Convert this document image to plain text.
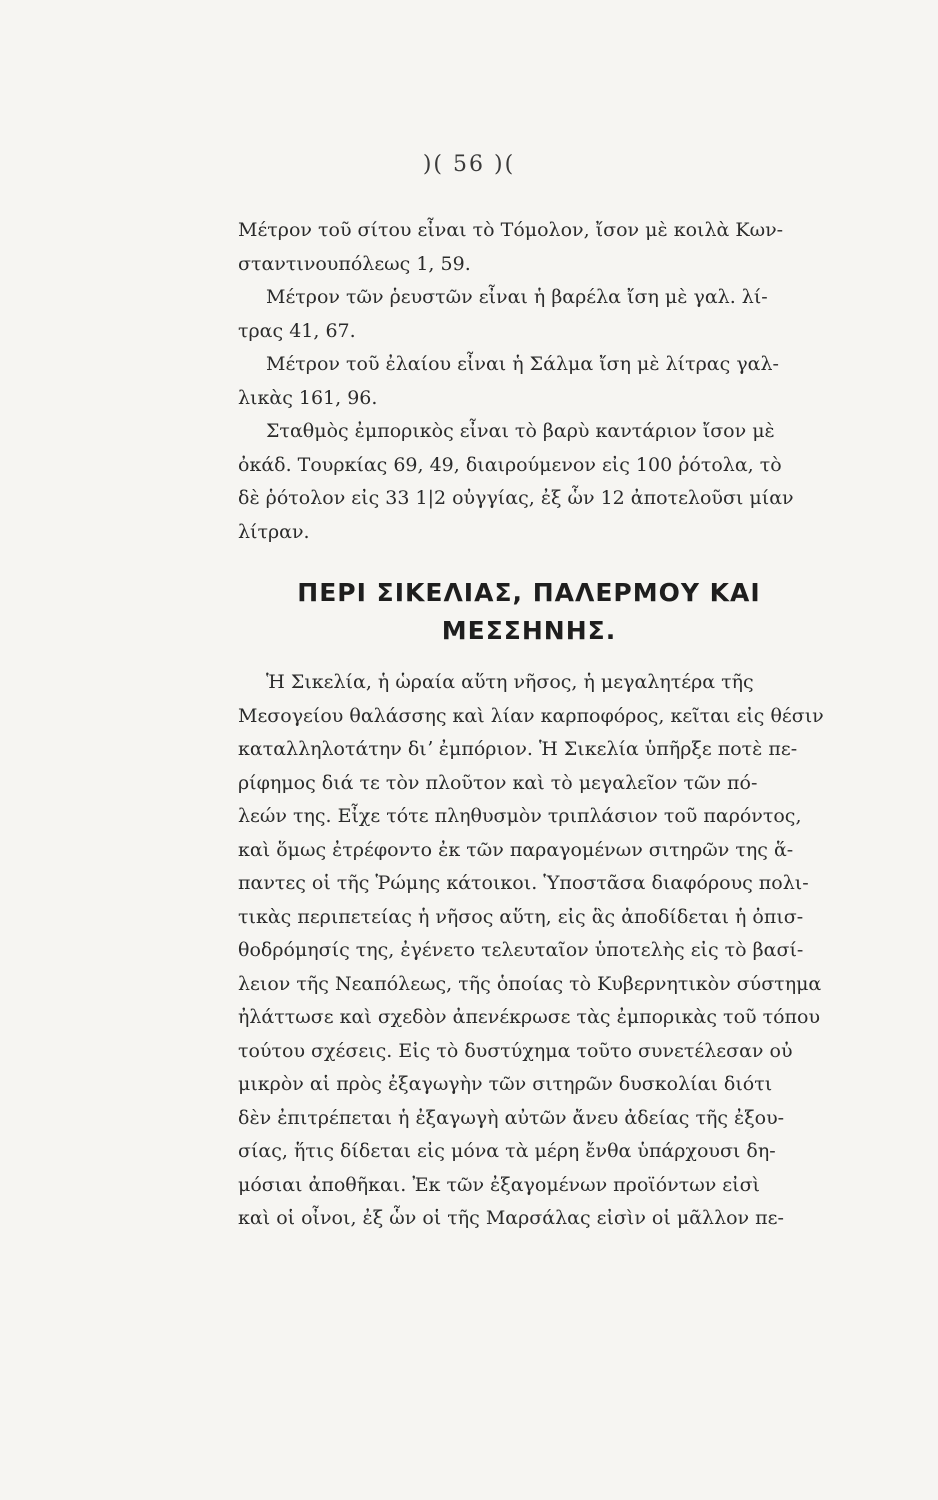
)( 56 )(
Μέτρον τοῦ σίτου εἶναι τὸ Τόμολον, ἴσον μὲ κοιλὰ Κων-
σταντινουπόλεως 1, 59.
Μέτρον τῶν ῥευστῶν εἶναι ἡ βαρέλα ἴση μὲ γαλ. λί-
τρας 41, 67.
Μέτρον τοῦ ἐλαίου εἶναι ἡ Σάλμα ἴση μὲ λίτρας γαλ-
λικὰς 161, 96.
Σταθμὸς ἐμπορικὸς εἶναι τὸ βαρὺ καντάριον ἴσον μὲ
ὀκάδ. Τουρκίας 69, 49, διαιρούμενον εἰς 100 ῥότολα, τὸ
δὲ ῥότολον εἰς 33 1|2 οὐγγίας, ἐξ ὧν 12 ἀποτελοῦσι μίαν
λίτραν.
ΠΕΡΙ ΣΙΚΕΛΙΑΣ, ΠΑΛΕΡΜΟΥ ΚΑΙ
ΜΕΣΣΗΝΗΣ.
Ἡ Σικελία, ἡ ὡραία αὕτη νῆσος, ἡ μεγαλητέρα τῆς
Μεσογείου θαλάσσης καὶ λίαν καρποφόρος, κεῖται εἰς θέσιν
καταλληλοτάτην διʼ ἐμπόριον. Ἡ Σικελία ὑπῆρξε ποτὲ πε-
ρίφημος διά τε τὸν πλοῦτον καὶ τὸ μεγαλεῖον τῶν πό-
λεών της. Εἶχε τότε πληθυσμὸν τριπλάσιον τοῦ παρόντος,
καὶ ὅμως ἐτρέφοντο ἐκ τῶν παραγομένων σιτηρῶν της ἅ-
παντες οἱ τῆς Ῥώμης κάτοικοι. Ὑποστᾶσα διαφόρους πολι-
τικὰς περιπετείας ἡ νῆσος αὕτη, εἰς ἃς ἀποδίδεται ἡ ὀπισ-
θοδρόμησίς της, ἐγένετο τελευταῖον ὑποτελὴς εἰς τὸ βασί-
λειον τῆς Νεαπόλεως, τῆς ὁποίας τὸ Κυβερνητικὸν σύστημα
ἠλάττωσε καὶ σχεδὸν ἀπενέκρωσε τὰς ἐμπορικὰς τοῦ τόπου
τούτου σχέσεις. Εἰς τὸ δυστύχημα τοῦτο συνετέλεσαν οὐ
μικρὸν αἱ πρὸς ἐξαγωγὴν τῶν σιτηρῶν δυσκολίαι διότι
δὲν ἐπιτρέπεται ἡ ἐξαγωγὴ αὐτῶν ἄνευ ἀδείας τῆς ἐξου-
σίας, ἥτις δίδεται εἰς μόνα τὰ μέρη ἔνθα ὑπάρχουσι δη-
μόσιαι ἀποθῆκαι. Ἐκ τῶν ἐξαγομένων προϊόντων εἰσὶ
καὶ οἱ οἶνοι, ἐξ ὧν οἱ τῆς Μαρσάλας εἰσὶν οἱ μᾶλλον πε-
